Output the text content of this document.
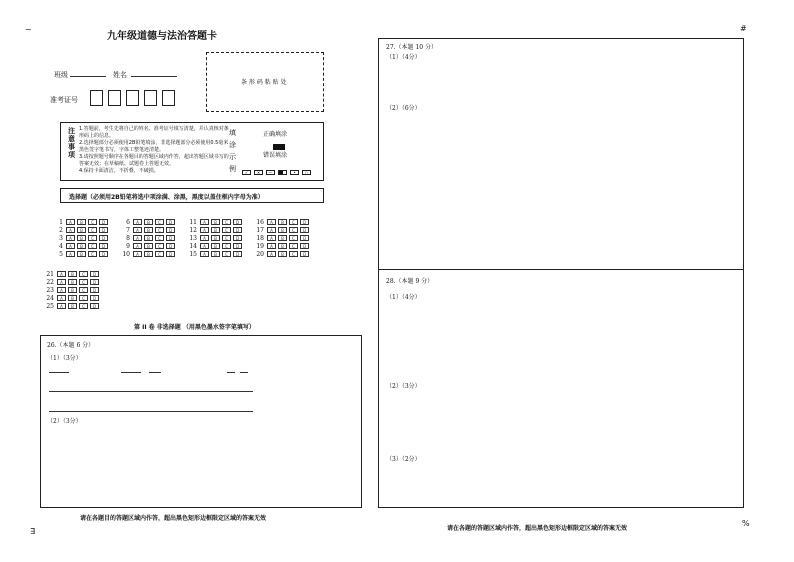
~	#
∃
%
九年级道德与法治答题卡
班级	姓名
准考证号
条 形 码 粘 贴 处
注意事项
1.答题前，考生先将自己的姓名、准考证号填写清楚，并认真核对条形码上的信息。
2.选择题部分必须使用2B铅笔填涂，非选择题部分必须使用0.5毫米黑色签字笔书写，字体工整笔迹清楚。
3.请按照题号顺序在各题目的答题区域内作答，超出答题区域书写的答案无效；在草稿纸、试题卷上答题无效。
4.保持卡面清洁，不折叠，不破损。
填涂示例
正确填涂
错误填涂
✓	✕	—	•	○
选择题（必须用2B铅笔将选中项涂满、涂黑，黑度以盖住框内字母为准）
1	A	B	C	D
2	A	B	C	D
3	A	B	C	D
4	A	B	C	D
5	A	B	C	D
6	A	B	C	D
7	A	B	C	D
8	A	B	C	D
9	A	B	C	D
10	A	B	C	D
11	A	B	C	D
12	A	B	C	D
13	A	B	C	D
14	A	B	C	D
15	A	B	C	D
16	A	B	C	D
17	A	B	C	D
18	A	B	C	D
19	A	B	C	D
20	A	B	C	D
21	A	B	C	D
22	A	B	C	D
23	A	B	C	D
24	A	B	C	D
25	A	B	C	D
第 II 卷 非选择题 （用黑色墨水签字笔填写）
26.（本题 6 分）
（1）（3分）
（2）（3分）
27.（本题 10 分）
（1）（4分）
（2）（6分）
28.（本题 9 分）
（1）（4分）
（2）（3分）
（3）（2分）
请在各题目的答题区域内作答，超出黑色矩形边框限定区域的答案无效
请在各题的答题区域内作答，超出黑色矩形边框限定区域的答案无效
